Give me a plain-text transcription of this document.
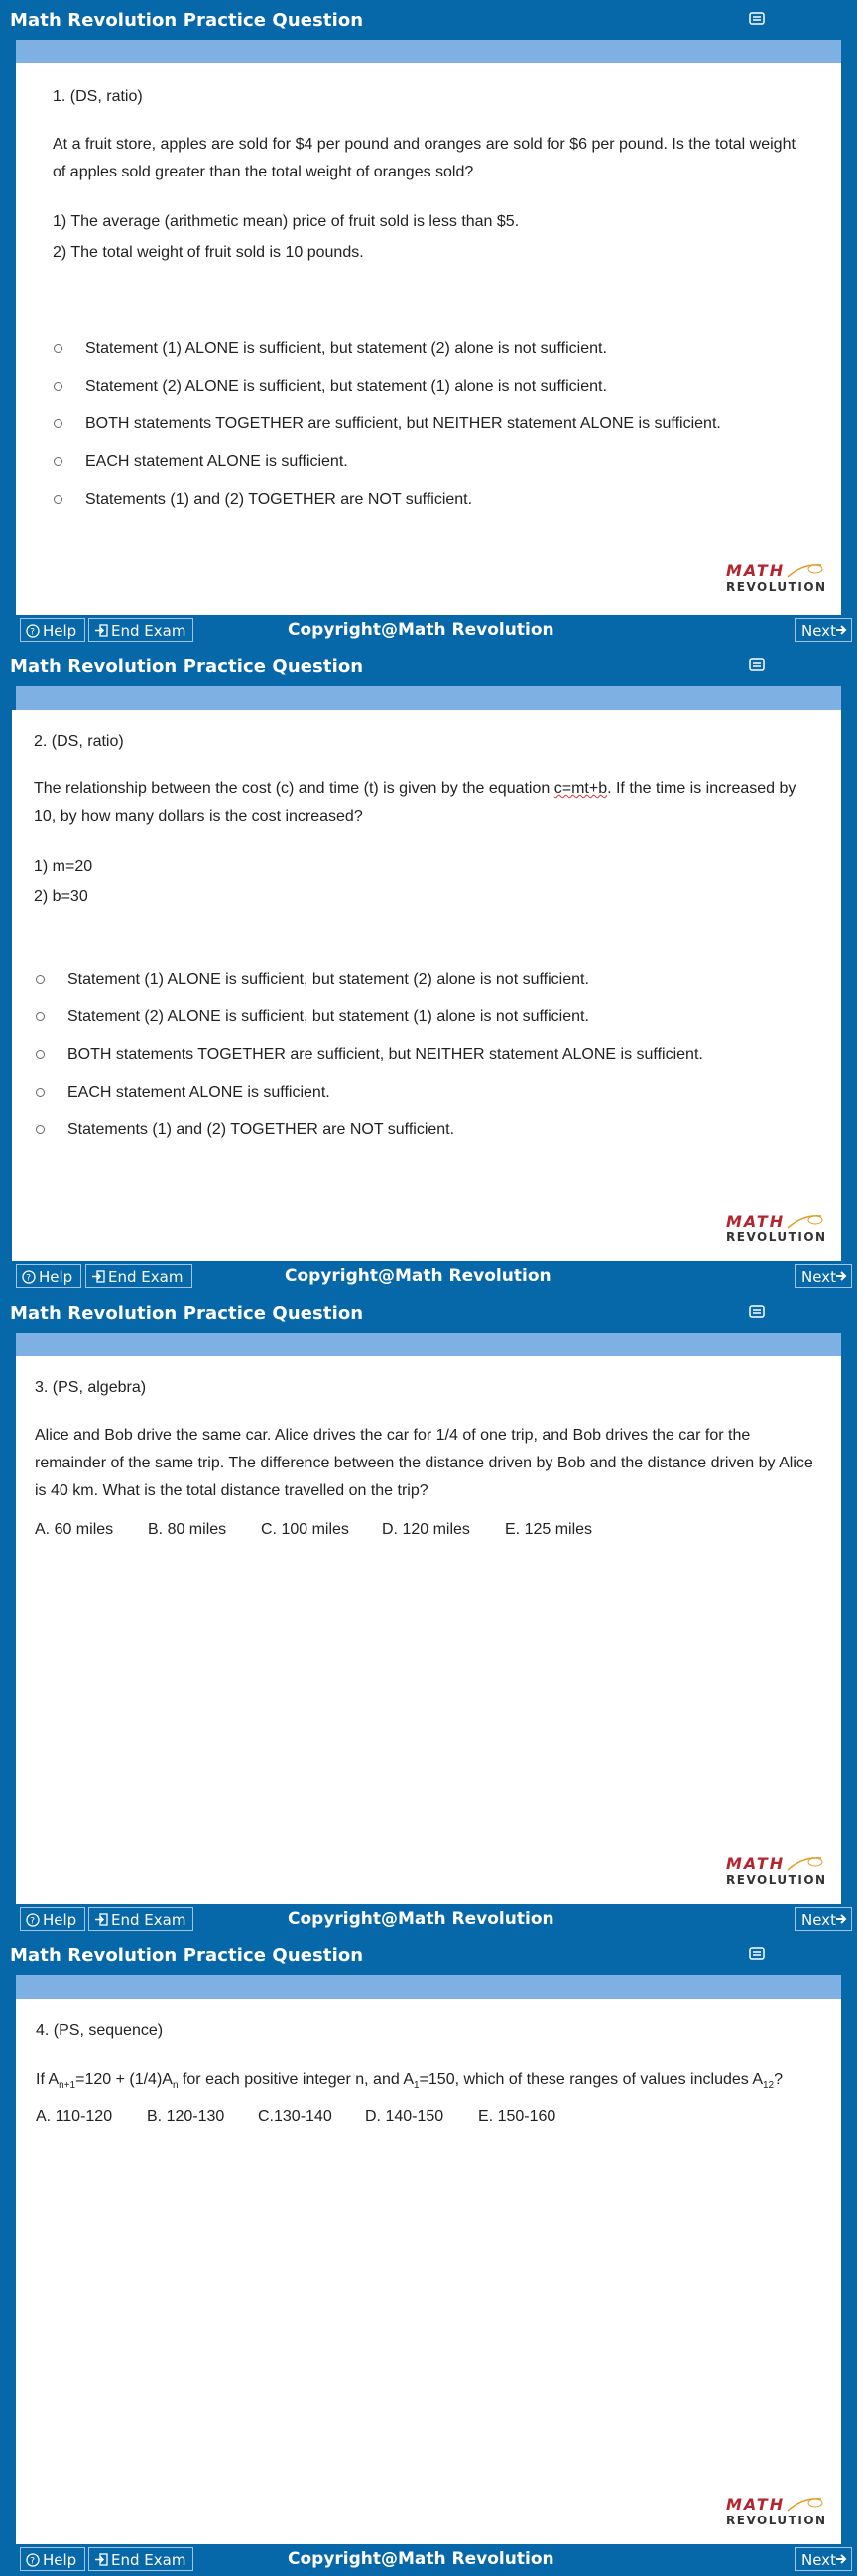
Math Revolution Practice Question
1. (DS, ratio)
At a fruit store, apples are sold for $4 per pound and oranges are sold for $6 per pound. Is the total weight of apples sold greater than the total weight of oranges sold?
1) The average (arithmetic mean) price of fruit sold is less than $5.
2) The total weight of fruit sold is 10 pounds.
Statement (1) ALONE is sufficient, but statement (2) alone is not sufficient.
Statement (2) ALONE is sufficient, but statement (1) alone is not sufficient.
BOTH statements TOGETHER are sufficient, but NEITHER statement ALONE is sufficient.
EACH statement ALONE is sufficient.
Statements (1) and (2) TOGETHER are NOT sufficient.
MATH
REVOLUTION
? Help	End Exam	Copyright@Math Revolution	Next
Math Revolution Practice Question
2. (DS, ratio)
The relationship between the cost (c) and time (t) is given by the equation c=mt+b. If the time is increased by 10, by how many dollars is the cost increased?
1) m=20
2) b=30
Statement (1) ALONE is sufficient, but statement (2) alone is not sufficient.
Statement (2) ALONE is sufficient, but statement (1) alone is not sufficient.
BOTH statements TOGETHER are sufficient, but NEITHER statement ALONE is sufficient.
EACH statement ALONE is sufficient.
Statements (1) and (2) TOGETHER are NOT sufficient.
MATH
REVOLUTION
? Help	End Exam	Copyright@Math Revolution	Next
Math Revolution Practice Question
3. (PS, algebra)
Alice and Bob drive the same car. Alice drives the car for 1/4 of one trip, and Bob drives the car for the remainder of the same trip. The difference between the distance driven by Bob and the distance driven by Alice is 40 km. What is the total distance travelled on the trip?
A. 60 miles B. 80 miles C. 100 miles D. 120 miles E. 125 miles
MATH
REVOLUTION
? Help	End Exam	Copyright@Math Revolution	Next
Math Revolution Practice Question
4. (PS, sequence)
If $A_{n+1}=120 + (1/4)A_n$ for each positive integer n, and $A_1=150$, which of these ranges of values includes $A_{12}$?
A. 110-120 B. 120-130 C.130-140 D. 140-150 E. 150-160
MATH
REVOLUTION
? Help	End Exam	Copyright@Math Revolution	Next
